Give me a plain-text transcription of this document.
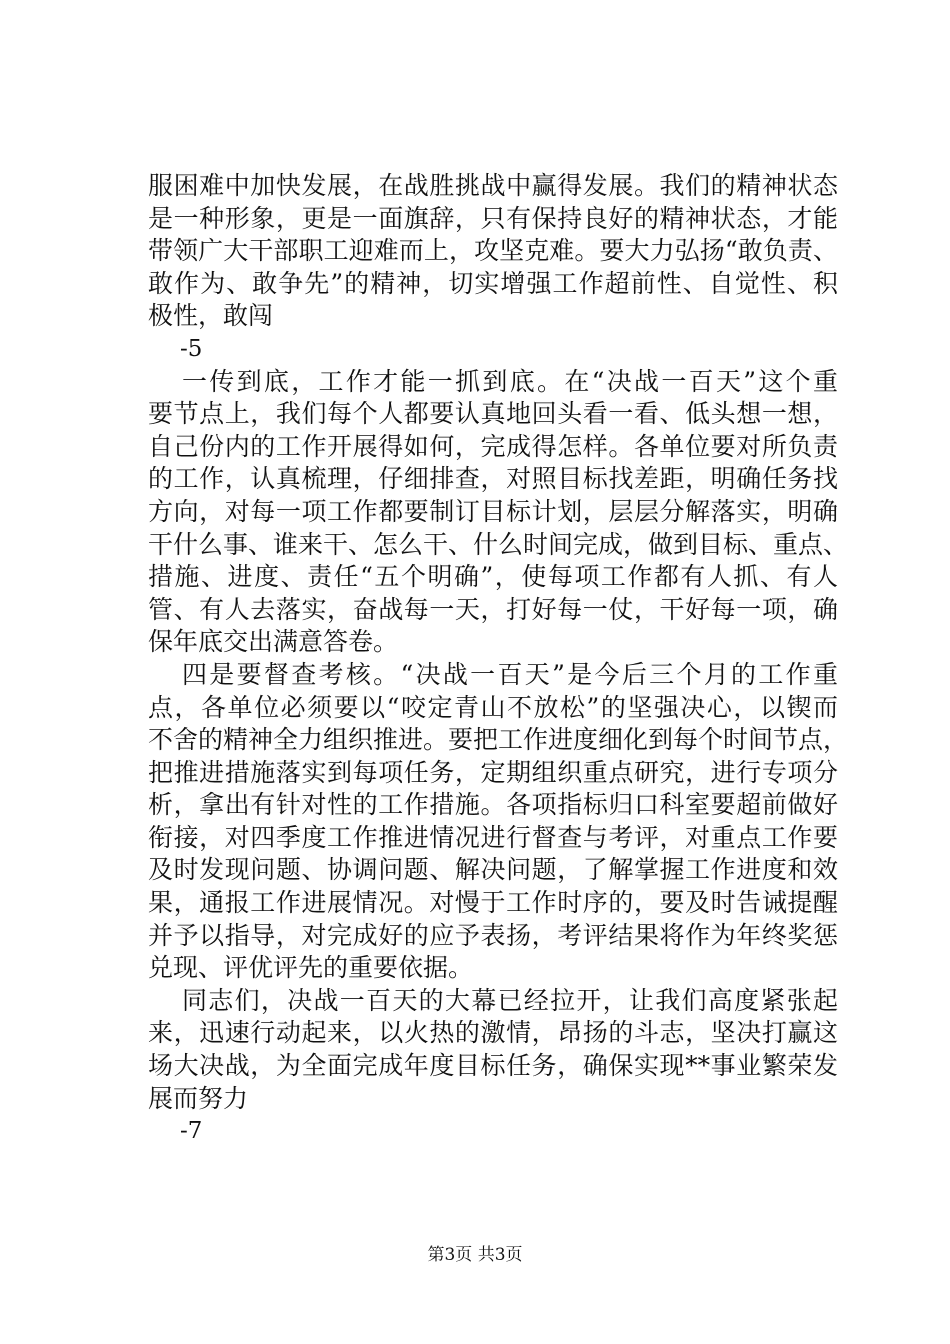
服困难中加快发展，在战胜挑战中赢得发展。我们的精神状态
是一种形象，更是一面旗辞，只有保持良好的精神状态，才能
带领广大干部职工迎难而上，攻坚克难。要大力弘扬“敢负责、
敢作为、敢争先”的精神，切实增强工作超前性、自觉性、积
极性，敢闯
-5
一传到底，工作才能一抓到底。在“决战一百天”这个重
要节点上，我们每个人都要认真地回头看一看、低头想一想，
自己份内的工作开展得如何，完成得怎样。各单位要对所负责
的工作，认真梳理，仔细排查，对照目标找差距，明确任务找
方向，对每一项工作都要制订目标计划，层层分解落实，明确
干什么事、谁来干、怎么干、什么时间完成，做到目标、重点、
措施、进度、责任“五个明确”，使每项工作都有人抓、有人
管、有人去落实，奋战每一天，打好每一仗，干好每一项，确
保年底交出满意答卷。
四是要督查考核。“决战一百天”是今后三个月的工作重
点，各单位必须要以“咬定青山不放松”的坚强决心，以锲而
不舍的精神全力组织推进。要把工作进度细化到每个时间节点，
把推进措施落实到每项任务，定期组织重点研究，进行专项分
析，拿出有针对性的工作措施。各项指标归口科室要超前做好
衔接，对四季度工作推进情况进行督查与考评，对重点工作要
及时发现问题、协调问题、解决问题，了解掌握工作进度和效
果，通报工作进展情况。对慢于工作时序的，要及时告诫提醒
并予以指导，对完成好的应予表扬，考评结果将作为年终奖惩
兑现、评优评先的重要依据。
同志们，决战一百天的大幕已经拉开，让我们高度紧张起
来，迅速行动起来，以火热的激情，昂扬的斗志，坚决打赢这
场大决战，为全面完成年度目标任务，确保实现**事业繁荣发
展而努力
-7
第3页 共3页
